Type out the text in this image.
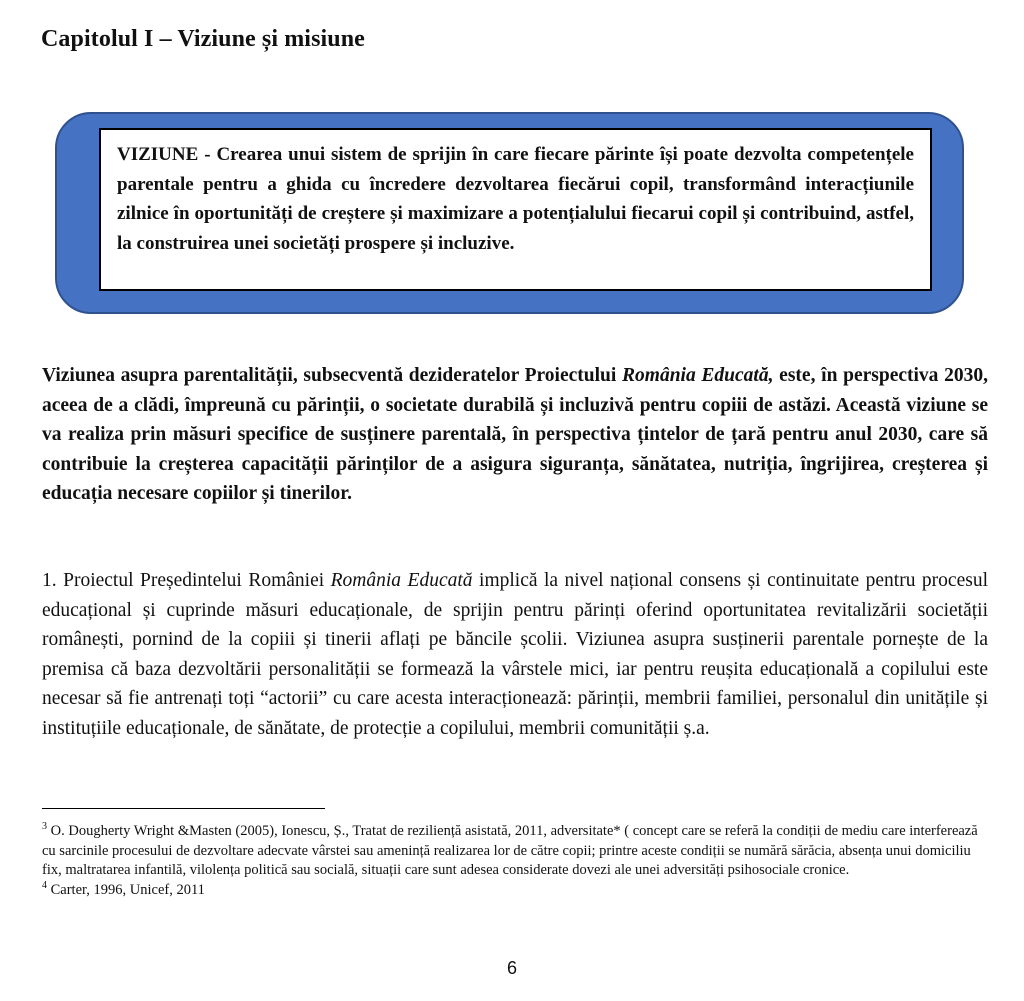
Capitolul I – Viziune și misiune

VIZIUNE - Crearea unui sistem de sprijin în care fiecare părinte își poate dezvolta competențele parentale pentru a ghida cu încredere dezvoltarea fiecărui copil, transformând interacțiunile zilnice în oportunități de creștere și maximizare a potențialului fiecarui copil și contribuind, astfel, la construirea unei societăți prospere și incluzive.

Viziunea asupra parentalității, subsecventă dezideratelor Proiectului România Educată, este, în perspectiva 2030, aceea de a clădi, împreună cu părinții, o societate durabilă și incluzivă pentru copiii de astăzi. Această viziune se va realiza prin măsuri specifice de susținere parentală, în perspectiva țintelor de țară pentru anul 2030, care să contribuie la creșterea capacității părinților de a asigura siguranța, sănătatea, nutriția, îngrijirea, creșterea și educația necesare copiilor și tinerilor.

1. Proiectul Președintelui României România Educată implică la nivel național consens și continuitate pentru procesul educațional și cuprinde măsuri educaționale, de sprijin pentru părinți oferind oportunitatea revitalizării societății românești, pornind de la copiii și tinerii aflați pe băncile școlii. Viziunea asupra susținerii parentale pornește de la premisa că baza dezvoltării personalității se formează la vârstele mici, iar pentru reușita educațională a copilului este necesar să fie antrenați toți “actorii” cu care acesta interacționează: părinții, membrii familiei, personalul din unitățile și instituțiile educaționale, de sănătate, de protecție a copilului, membrii comunității ș.a.

$^3$ O. Dougherty Wright &Masten (2005), Ionescu, Ș., Tratat de reziliență asistată, 2011, adversitate* ( concept care se referă la condiții de mediu care interferează cu sarcinile procesului de dezvoltare adecvate vârstei sau amenință realizarea lor de către copii; printre aceste condiții se numără sărăcia, absența unui domiciliu fix, maltratarea infantilă, vilolența politică sau socială, situații care sunt adesea considerate dovezi ale unei adversități psihosociale cronice.

$^4$ Carter, 1996, Unicef, 2011

6
